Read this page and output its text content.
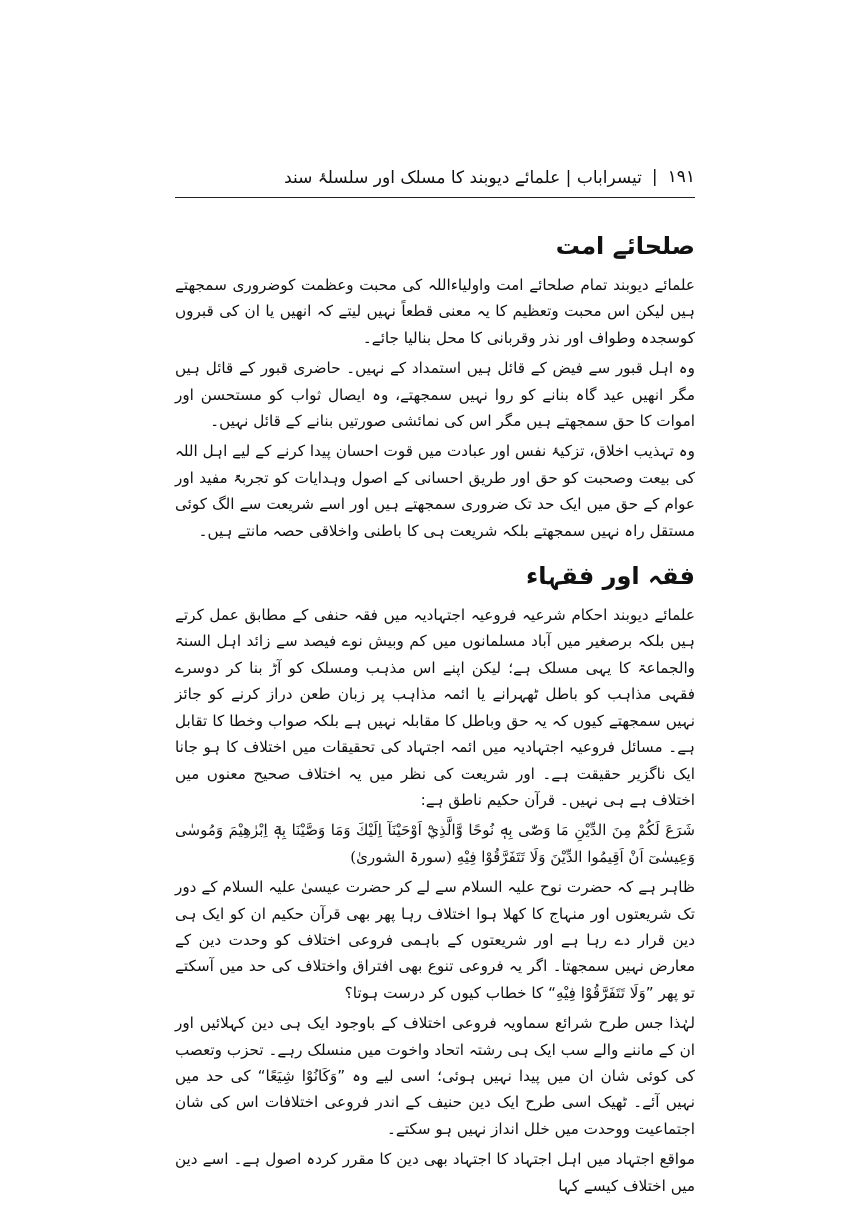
۱۹۱
|
تیسراباب | علمائے دیوبند کا مسلک اور سلسلۂ سند
صلحائے امت

علمائے دیوبند تمام صلحائے امت واولیاءاللہ کی محبت وعظمت کوضروری سمجھتے ہیں لیکن اس محبت وتعظیم کا یہ معنی قطعاً نہیں لیتے کہ انھیں یا ان کی قبروں کوسجدہ وطواف اور نذر وقربانی کا محل بنالیا جائے۔

وہ اہل قبور سے فیض کے قائل ہیں استمداد کے نہیں۔ حاضری قبور کے قائل ہیں مگر انھیں عید گاہ بنانے کو روا نہیں سمجھتے، وہ ایصال ثواب کو مستحسن اور اموات کا حق سمجھتے ہیں مگر اس کی نمائشی صورتیں بنانے کے قائل نہیں۔

وہ تہذیب اخلاق، تزکیۂ نفس اور عبادت میں قوت احسان پیدا کرنے کے لیے اہل اللہ کی بیعت وصحبت کو حق اور طریق احسانی کے اصول وہدایات کو تجربۃً مفید اور عوام کے حق میں ایک حد تک ضروری سمجھتے ہیں اور اسے شریعت سے الگ کوئی مستقل راہ نہیں سمجھتے بلکہ شریعت ہی کا باطنی واخلاقی حصہ مانتے ہیں۔

فقہ اور فقہاء

علمائے دیوبند احکام شرعیہ فروعیہ اجتہادیہ میں فقہ حنفی کے مطابق عمل کرتے ہیں بلکہ برصغیر میں آباد مسلمانوں میں کم وبیش نوے فیصد سے زائد اہل السنۃ والجماعۃ کا یہی مسلک ہے؛ لیکن اپنے اس مذہب ومسلک کو آڑ بنا کر دوسرے فقہی مذاہب کو باطل ٹھہرانے یا ائمہ مذاہب پر زبان طعن دراز کرنے کو جائز نہیں سمجھتے کیوں کہ یہ حق وباطل کا مقابلہ نہیں ہے بلکہ صواب وخطا کا تقابل ہے۔ مسائل فروعیہ اجتہادیہ میں ائمہ اجتہاد کی تحقیقات میں اختلاف کا ہو جانا ایک ناگزیر حقیقت ہے۔ اور شریعت کی نظر میں یہ اختلاف صحیح معنوں میں اختلاف ہے ہی نہیں۔ قرآن حکیم ناطق ہے:

شَرَعَ لَكُمْ مِنَ الدِّيْنِ مَا وَصّٰى بِهٖ نُوحًا وَّالَّذِيْٓ اَوْحَيْنَآ اِلَيْكَ وَمَا وَصَّيْنَا بِهٖٓ اِبْرٰهِيْمَ وَمُوسٰى وَعِيسٰىٓ اَنْ اَقِيمُوا الدِّيْنَ وَلَا تَتَفَرَّقُوْا فِيْهِ (سورۃ الشوریٰ)

ظاہر ہے کہ حضرت نوح علیہ السلام سے لے کر حضرت عیسیٰ علیہ السلام کے دور تک شریعتوں اور منہاج کا کھلا ہوا اختلاف رہا پھر بھی قرآن حکیم ان کو ایک ہی دین قرار دے رہا ہے اور شریعتوں کے باہمی فروعی اختلاف کو وحدت دین کے معارض نہیں سمجھتا۔ اگر یہ فروعی تنوع بھی افتراق واختلاف کی حد میں آسکتے تو پھر ”وَلَا تَتَفَرَّقُوْا فِيْهِ“ کا خطاب کیوں کر درست ہوتا؟

لہٰذا جس طرح شرائع سماویہ فروعی اختلاف کے باوجود ایک ہی دین کہلائیں اور ان کے ماننے والے سب ایک ہی رشتہ اتحاد واخوت میں منسلک رہے۔ تحزب وتعصب کی کوئی شان ان میں پیدا نہیں ہوئی؛ اسی لیے وہ ”وَكَانُوْا شِيَعًا“ کی حد میں نہیں آئے۔ ٹھیک اسی طرح ایک دین حنیف کے اندر فروعی اختلافات اس کی شان اجتماعیت ووحدت میں خلل انداز نہیں ہو سکتے۔

مواقع اجتہاد میں اہل اجتہاد کا اجتہاد بھی دین کا مقرر کردہ اصول ہے۔ اسے دین میں اختلاف کیسے کہا
